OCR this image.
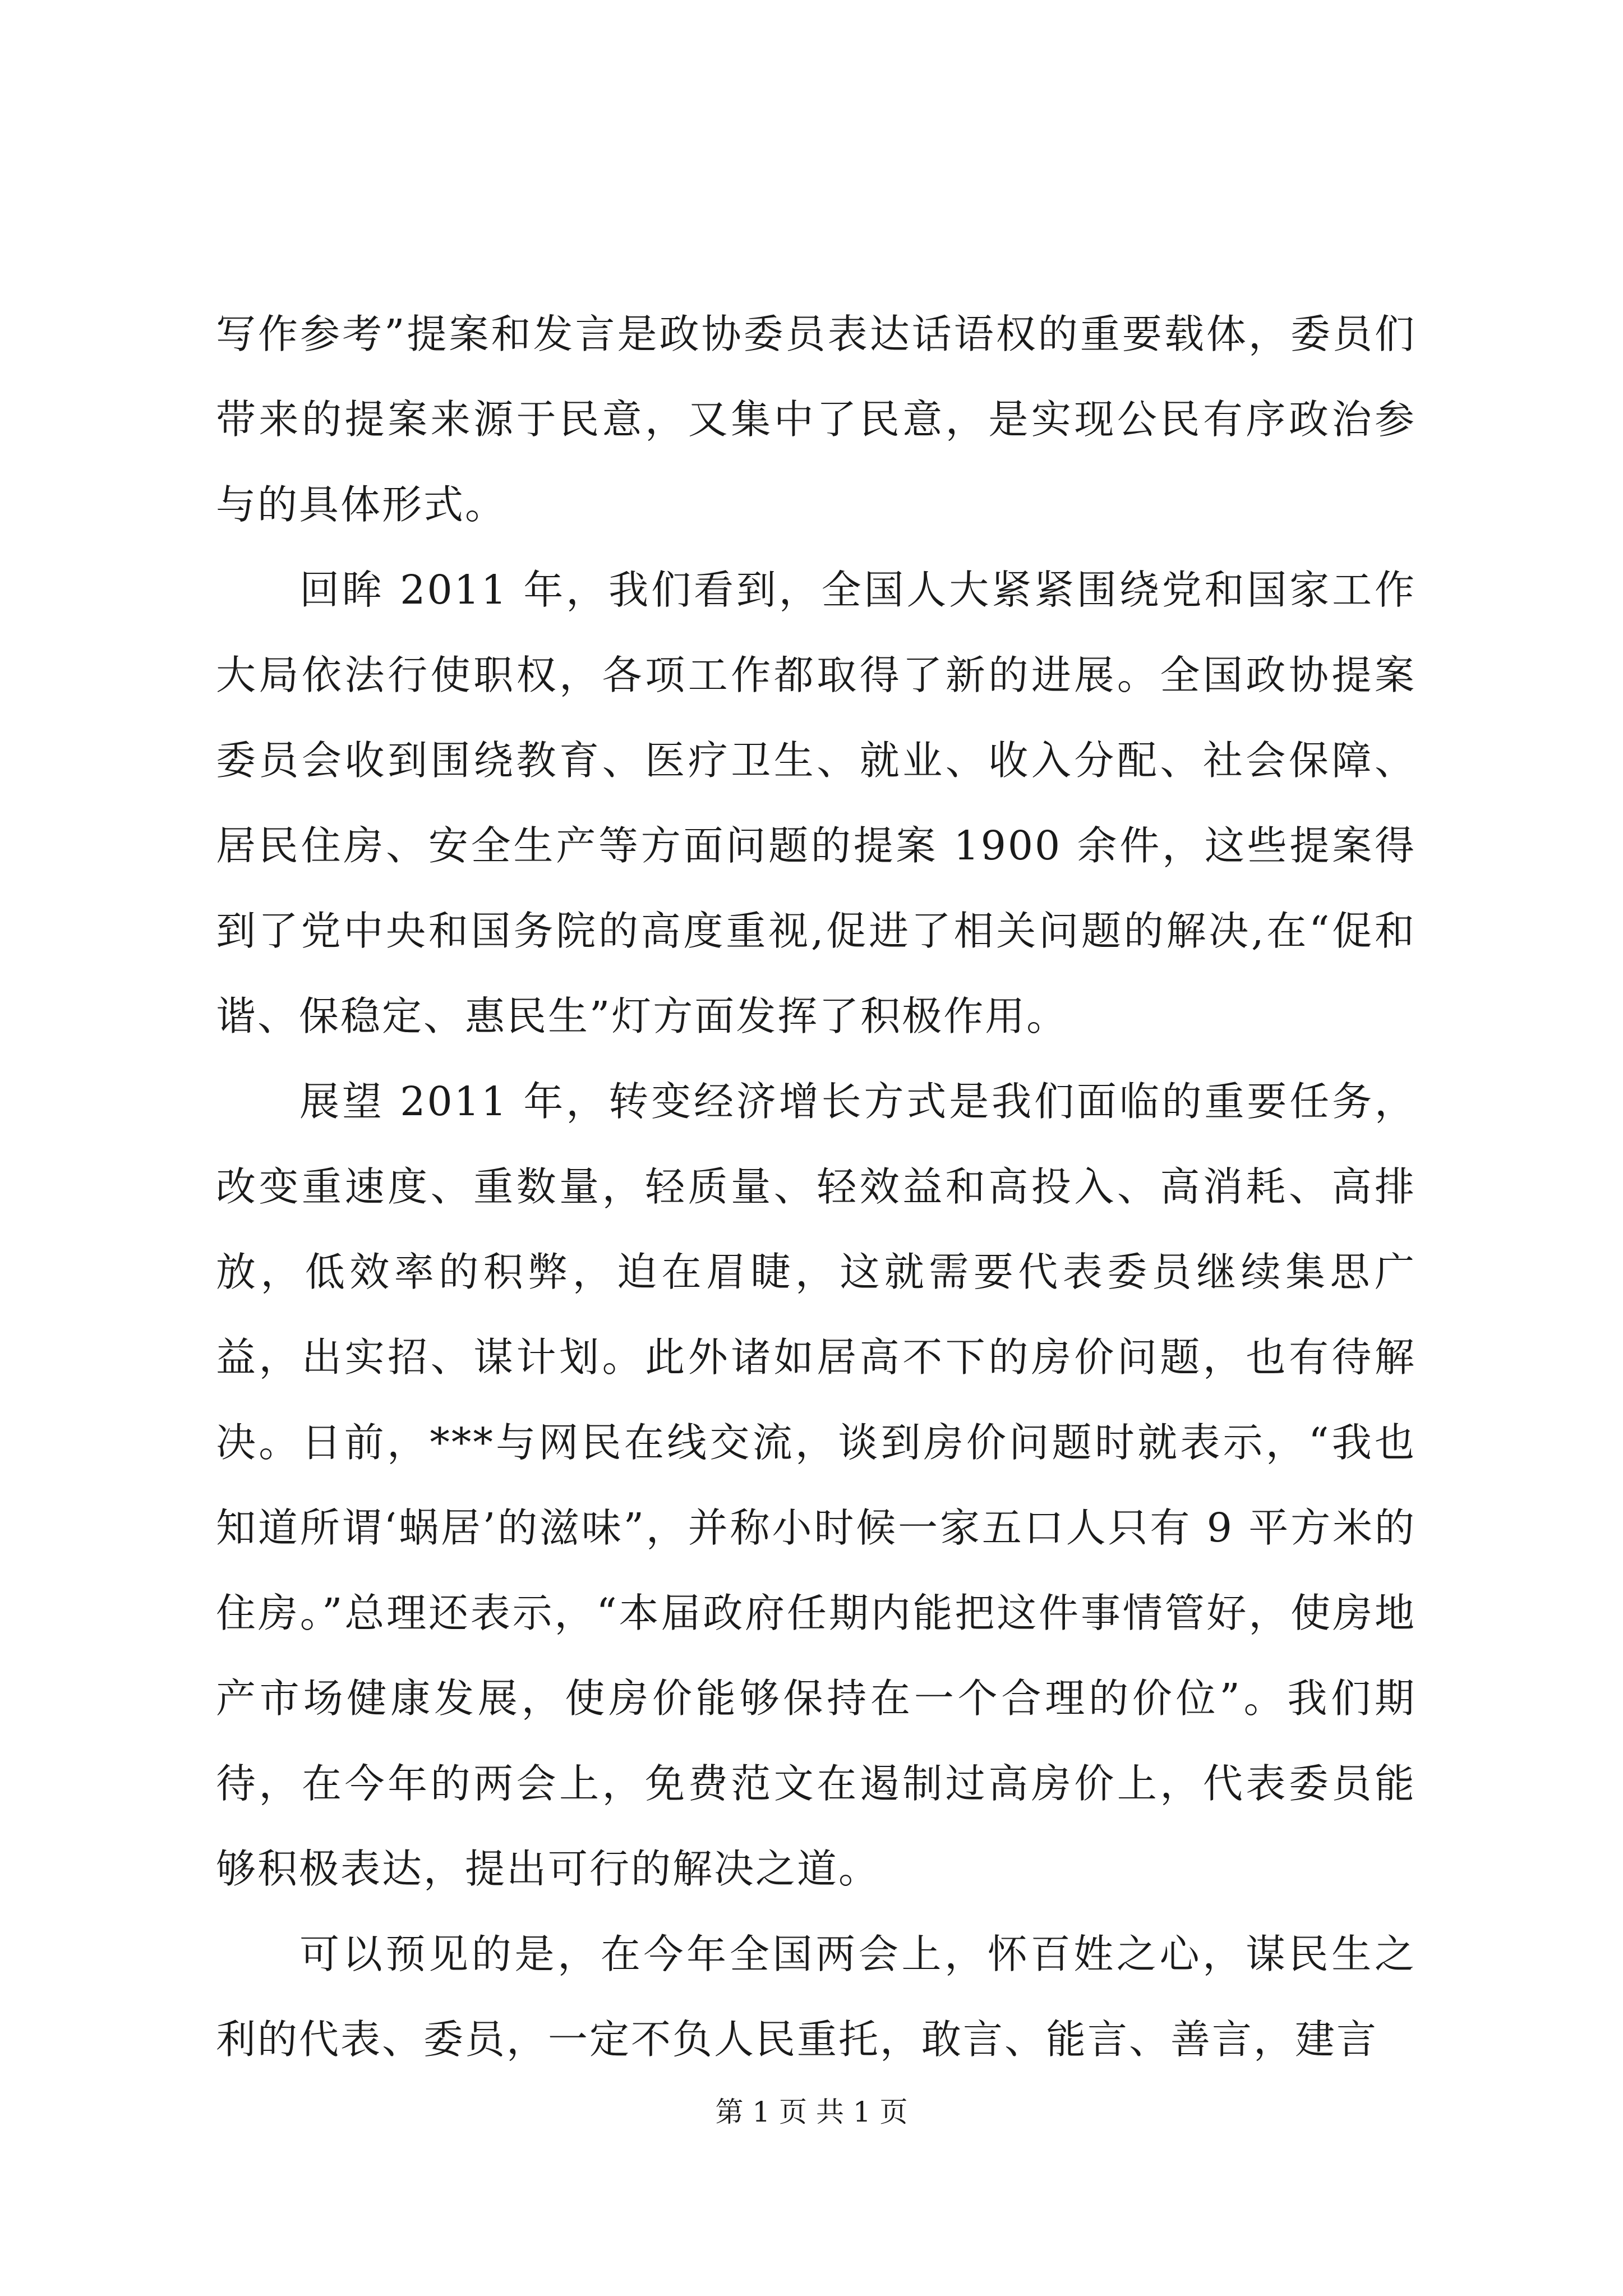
写作参考”提案和发言是政协委员表达话语权的重要载体，委员们带来的提案来源于民意，又集中了民意，是实现公民有序政治参与的具体形式。

回眸 2011 年，我们看到，全国人大紧紧围绕党和国家工作大局依法行使职权，各项工作都取得了新的进展。全国政协提案委员会收到围绕教育、医疗卫生、就业、收入分配、社会保障、居民住房、安全生产等方面问题的提案 1900 余件，这些提案得到了党中央和国务院的高度重视,促进了相关问题的解决,在“促和谐、保稳定、惠民生”灯方面发挥了积极作用。

展望 2011 年，转变经济增长方式是我们面临的重要任务，改变重速度、重数量，轻质量、轻效益和高投入、高消耗、高排放，低效率的积弊，迫在眉睫，这就需要代表委员继续集思广益，出实招、谋计划。此外诸如居高不下的房价问题，也有待解决。日前，***与网民在线交流，谈到房价问题时就表示，“我也知道所谓‘蜗居’的滋味”，并称小时候一家五口人只有 9 平方米的住房。”总理还表示，“本届政府任期内能把这件事情管好，使房地产市场健康发展，使房价能够保持在一个合理的价位”。我们期待，在今年的两会上，免费范文在遏制过高房价上，代表委员能够积极表达，提出可行的解决之道。

可以预见的是，在今年全国两会上，怀百姓之心，谋民生之利的代表、委员，一定不负人民重托，敢言、能言、善言，建言

第 1 页 共 1 页
